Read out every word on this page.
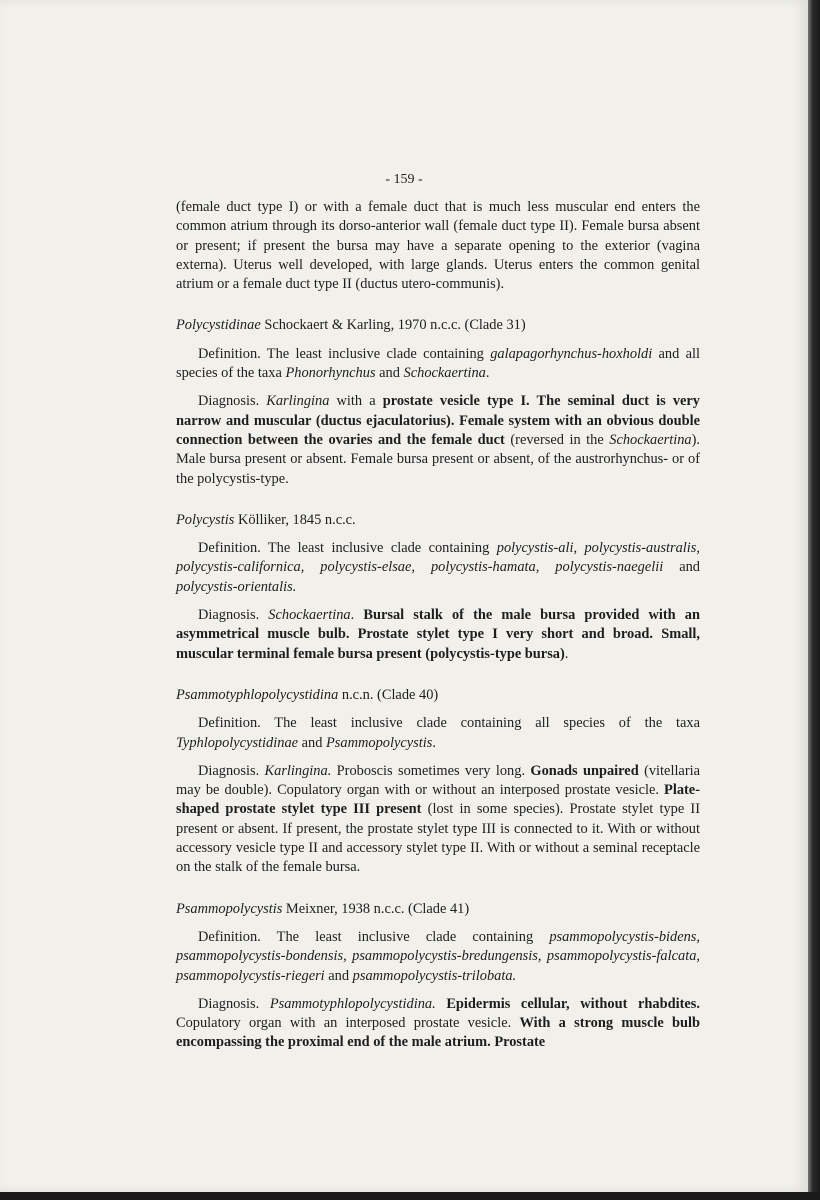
- 159 -

(female duct type I) or with a female duct that is much less muscular end enters the common atrium through its dorso-anterior wall (female duct type II). Female bursa absent or present; if present the bursa may have a separate opening to the exterior (vagina externa). Uterus well developed, with large glands. Uterus enters the common genital atrium or a female duct type II (ductus utero-communis).

Polycystidinae Schockaert & Karling, 1970 n.c.c. (Clade 31)

Definition. The least inclusive clade containing galapagorhynchus-hoxholdi and all species of the taxa Phonorhynchus and Schockaertina.

Diagnosis. Karlingina with a prostate vesicle type I. The seminal duct is very narrow and muscular (ductus ejaculatorius). Female system with an obvious double connection between the ovaries and the female duct (reversed in the Schockaertina). Male bursa present or absent. Female bursa present or absent, of the austrorhynchus- or of the polycystis-type.

Polycystis Kölliker, 1845 n.c.c.

Definition. The least inclusive clade containing polycystis-ali, polycystis-australis, polycystis-californica, polycystis-elsae, polycystis-hamata, polycystis-naegelii and polycystis-orientalis.

Diagnosis. Schockaertina. Bursal stalk of the male bursa provided with an asymmetrical muscle bulb. Prostate stylet type I very short and broad. Small, muscular terminal female bursa present (polycystis-type bursa).

Psammotyphlopolycystidina n.c.n. (Clade 40)

Definition. The least inclusive clade containing all species of the taxa Typhlopolycystidinae and Psammopolycystis.

Diagnosis. Karlingina. Proboscis sometimes very long. Gonads unpaired (vitellaria may be double). Copulatory organ with or without an interposed prostate vesicle. Plate-shaped prostate stylet type III present (lost in some species). Prostate stylet type II present or absent. If present, the prostate stylet type III is connected to it. With or without accessory vesicle type II and accessory stylet type II. With or without a seminal receptacle on the stalk of the female bursa.

Psammopolycystis Meixner, 1938 n.c.c. (Clade 41)

Definition. The least inclusive clade containing psammopolycystis-bidens, psammopolycystis-bondensis, psammopolycystis-bredungensis, psammopolycystis-falcata, psammopolycystis-riegeri and psammopolycystis-trilobata.

Diagnosis. Psammotyphlopolycystidina. Epidermis cellular, without rhabdites. Copulatory organ with an interposed prostate vesicle. With a strong muscle bulb encompassing the proximal end of the male atrium. Prostate
